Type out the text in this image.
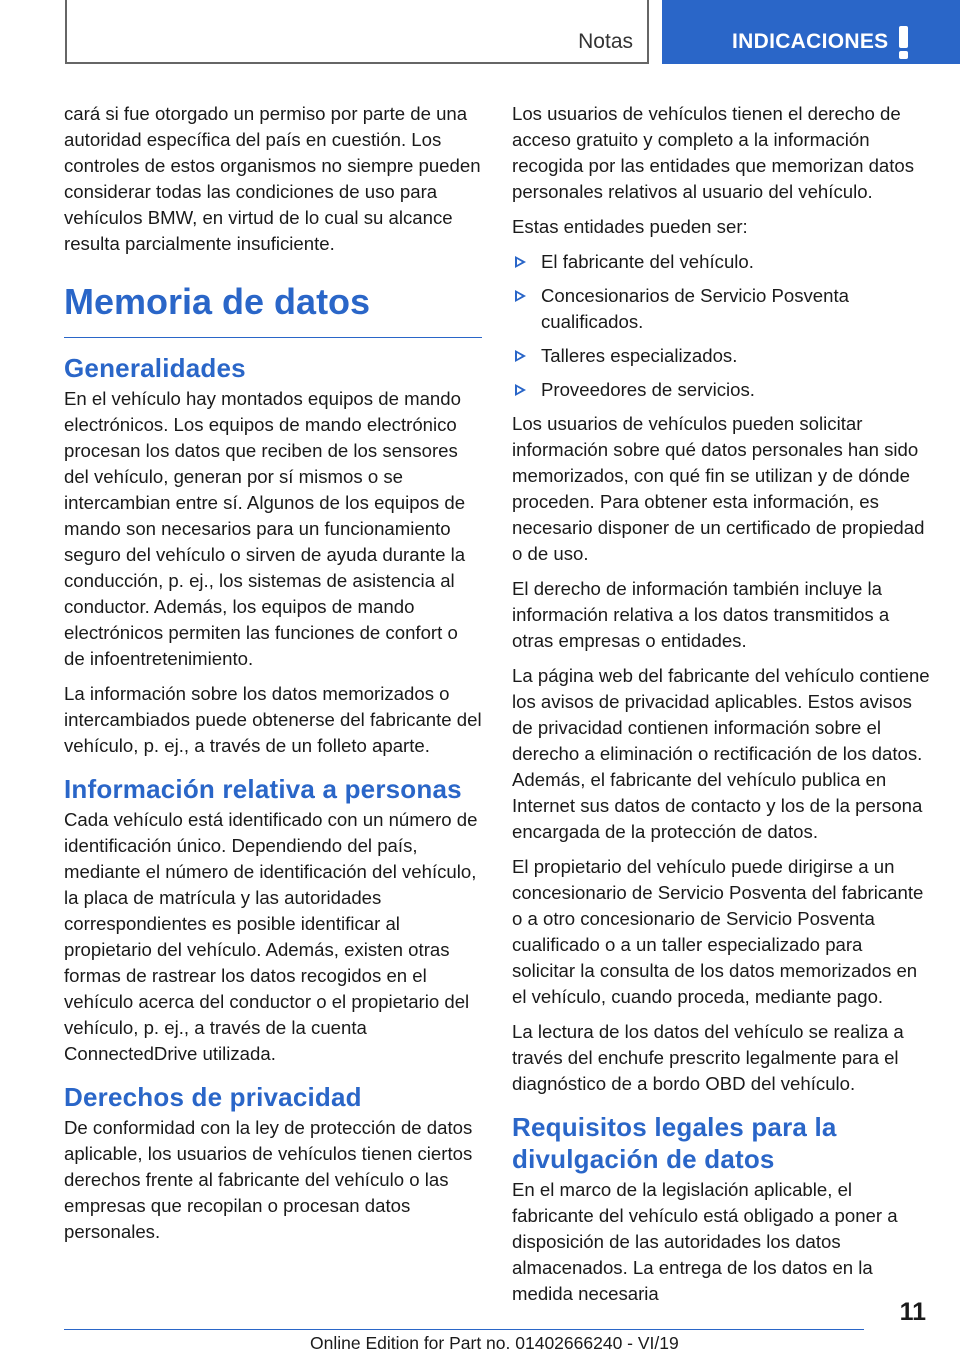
Notas	INDICACIONES

cará si fue otorgado un permiso por parte de una autoridad específica del país en cuestión. Los controles de estos organismos no siempre pueden considerar todas las condiciones de uso para vehículos BMW, en virtud de lo cual su alcance resulta parcialmente insuficiente.

Memoria de datos
Generalidades

En el vehículo hay montados equipos de mando electrónicos. Los equipos de mando electrónico procesan los datos que reciben de los sensores del vehículo, generan por sí mismos o se intercambian entre sí. Algunos de los equipos de mando son necesarios para un funcionamiento seguro del vehículo o sirven de ayuda durante la conducción, p. ej., los sistemas de asistencia al conductor. Además, los equipos de mando electrónicos permiten las funciones de confort o de infoentretenimiento.

La información sobre los datos memorizados o intercambiados puede obtenerse del fabricante del vehículo, p. ej., a través de un folleto aparte.

Información relativa a personas

Cada vehículo está identificado con un número de identificación único. Dependiendo del país, mediante el número de identificación del vehículo, la placa de matrícula y las autoridades correspondientes es posible identificar al propietario del vehículo. Además, existen otras formas de rastrear los datos recogidos en el vehículo acerca del conductor o el propietario del vehículo, p. ej., a través de la cuenta ConnectedDrive utilizada.

Derechos de privacidad

De conformidad con la ley de protección de datos aplicable, los usuarios de vehículos tienen ciertos derechos frente al fabricante del vehículo o las empresas que recopilan o procesan datos personales.

Los usuarios de vehículos tienen el derecho de acceso gratuito y completo a la información recogida por las entidades que memorizan datos personales relativos al usuario del vehículo.

Estas entidades pueden ser:

El fabricante del vehículo.
Concesionarios de Servicio Posventa cualificados.
Talleres especializados.
Proveedores de servicios.

Los usuarios de vehículos pueden solicitar información sobre qué datos personales han sido memorizados, con qué fin se utilizan y de dónde proceden. Para obtener esta información, es necesario disponer de un certificado de propiedad o de uso.

El derecho de información también incluye la información relativa a los datos transmitidos a otras empresas o entidades.

La página web del fabricante del vehículo contiene los avisos de privacidad aplicables. Estos avisos de privacidad contienen información sobre el derecho a eliminación o rectificación de los datos. Además, el fabricante del vehículo publica en Internet sus datos de contacto y los de la persona encargada de la protección de datos.

El propietario del vehículo puede dirigirse a un concesionario de Servicio Posventa del fabricante o a otro concesionario de Servicio Posventa cualificado o a un taller especializado para solicitar la consulta de los datos memorizados en el vehículo, cuando proceda, mediante pago.

La lectura de los datos del vehículo se realiza a través del enchufe prescrito legalmente para el diagnóstico de a bordo OBD del vehículo.

Requisitos legales para la divulgación de datos

En el marco de la legislación aplicable, el fabricante del vehículo está obligado a poner a disposición de las autoridades los datos almacenados. La entrega de los datos en la medida necesaria

11
Online Edition for Part no. 01402666240 - VI/19
